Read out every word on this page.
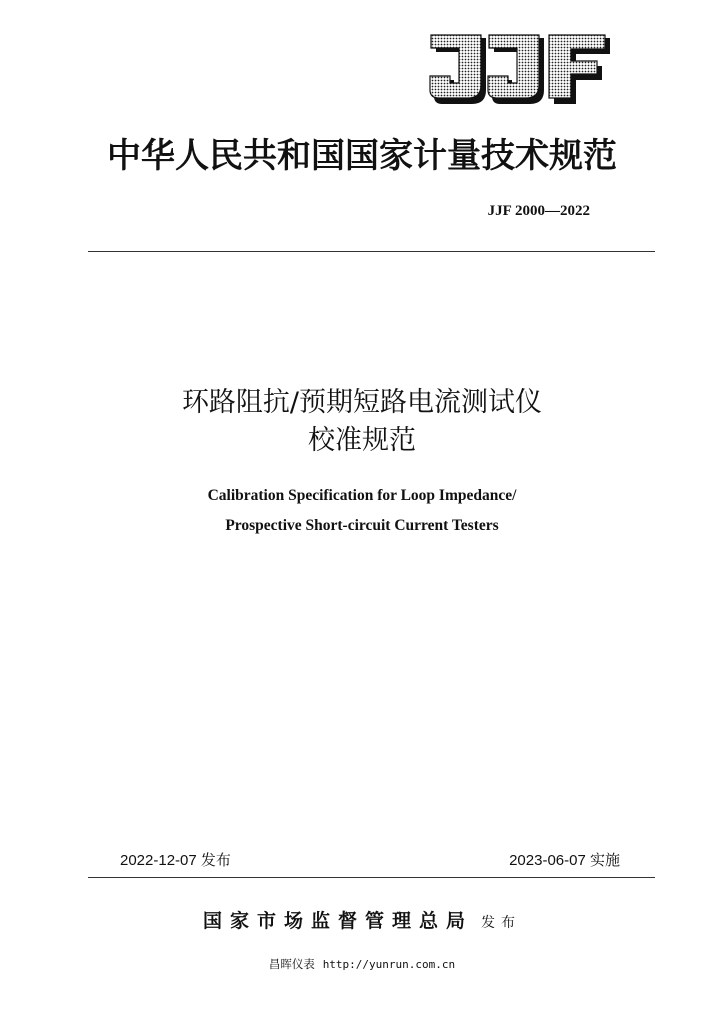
JJF
中华人民共和国国家计量技术规范
JJF 2000—2022
环路阻抗/预期短路电流测试仪
校准规范
Calibration Specification for Loop Impedance/
Prospective Short-circuit Current Testers
2022-12-07 发布	2023-06-07 实施
国家市场监督管理总局 发布
昌晖仪表 http://yunrun.com.cn
